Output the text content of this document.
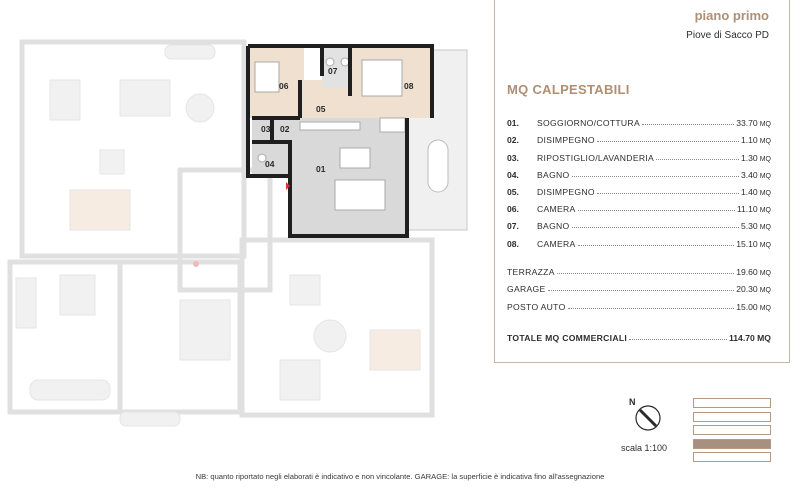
06
07
08
05
03 02
04	01
piano primo
Piove di Sacco PD
MQ CALPESTABILI
01.	SOGGIORNO/COTTURA	33.70 MQ
02.	DISIMPEGNO	1.10 MQ
03.	RIPOSTIGLIO/LAVANDERIA	1.30 MQ
04.	BAGNO	3.40 MQ
05.	DISIMPEGNO	1.40 MQ
06.	CAMERA	11.10 MQ
07.	BAGNO	5.30 MQ
08.	CAMERA	15.10 MQ
TERRAZZA	19.60 MQ
GARAGE	20.30 MQ
POSTO AUTO	15.00 MQ
TOTALE MQ COMMERCIALI	114.70 MQ
N
scala 1:100
NB: quanto riportato negli elaborati è indicativo e non vincolante. GARAGE: la superficie è indicativa fino all'assegnazione
